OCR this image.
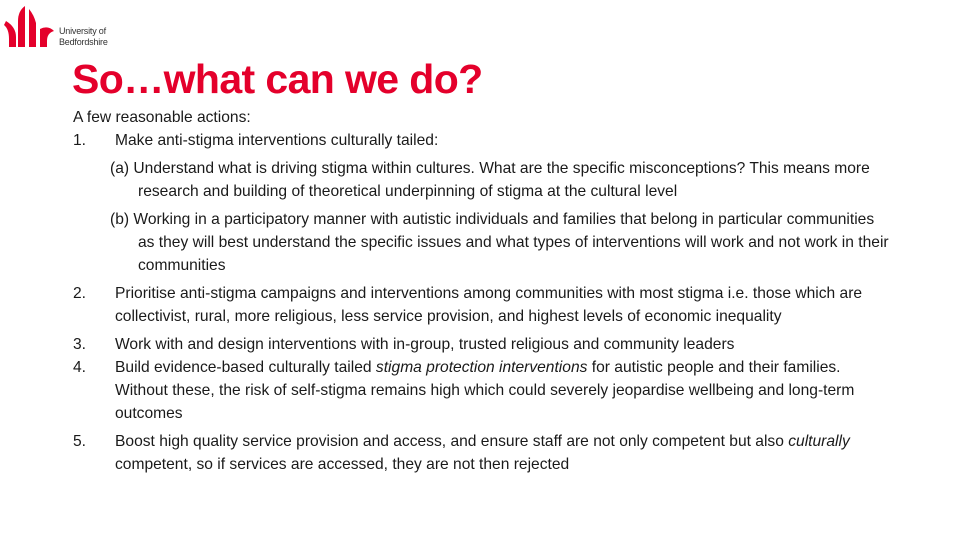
University of
Bedfordshire
So…what can we do?
A few reasonable actions:
1. Make anti-stigma interventions culturally tailed:
(a) Understand what is driving stigma within cultures. What are the specific misconceptions? This means more research and building of theoretical underpinning of stigma at the cultural level
(b) Working in a participatory manner with autistic individuals and families that belong in particular communities as they will best understand the specific issues and what types of interventions will work and not work in their communities
2. Prioritise anti-stigma campaigns and interventions among communities with most stigma i.e. those which are collectivist, rural, more religious, less service provision, and highest levels of economic inequality
3. Work with and design interventions with in-group, trusted religious and community leaders
4. Build evidence-based culturally tailed stigma protection interventions for autistic people and their families. Without these, the risk of self-stigma remains high which could severely jeopardise wellbeing and long-term outcomes
5. Boost high quality service provision and access, and ensure staff are not only competent but also culturally competent, so if services are accessed, they are not then rejected
